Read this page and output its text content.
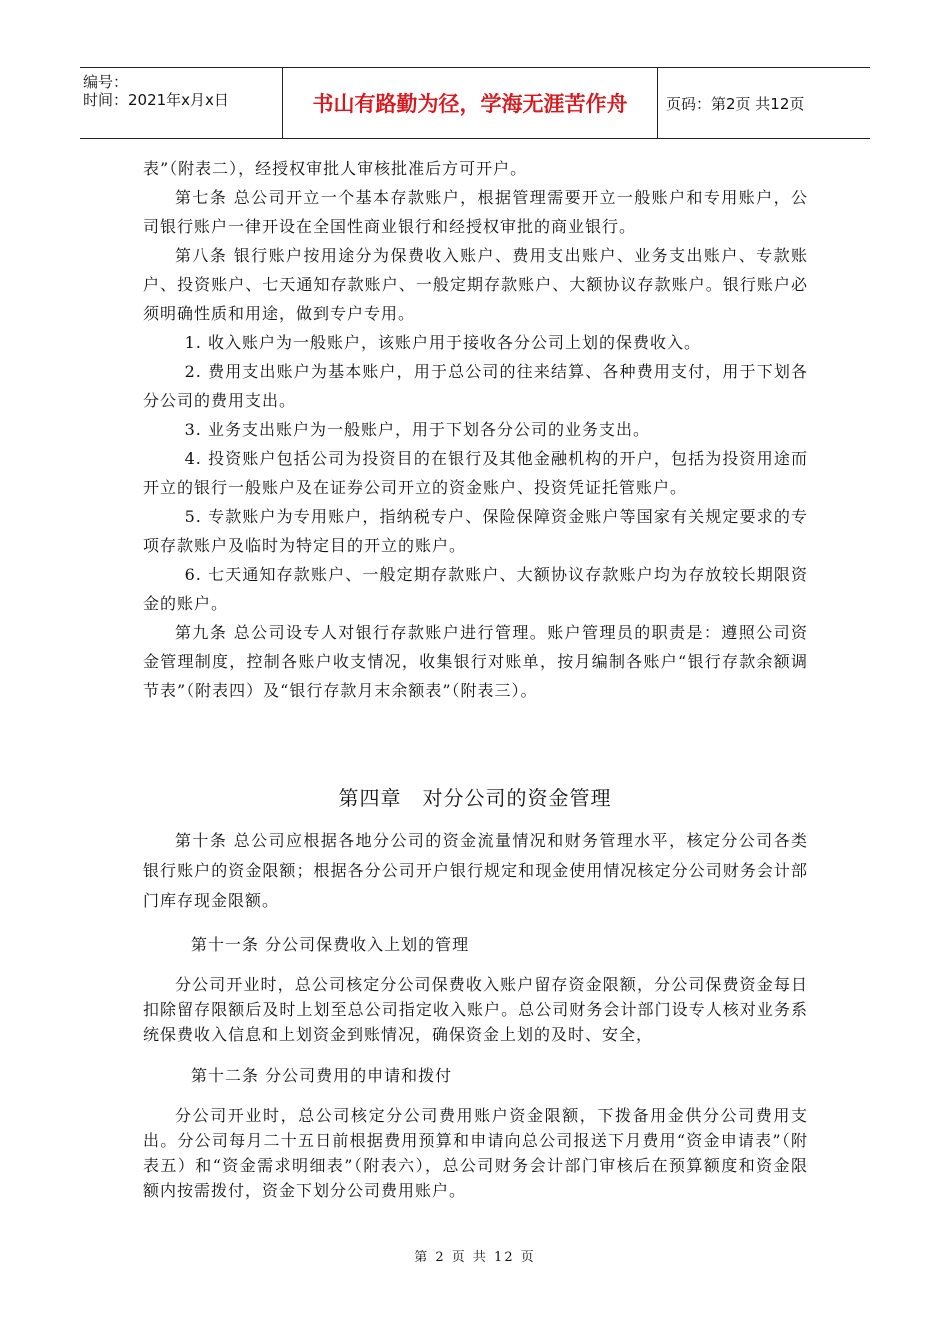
编号：
时间：2021年x月x日	书山有路勤为径，学海无涯苦作舟	页码：第2页 共12页

表”（附表二），经授权审批人审核批准后方可开户。

第七条 总公司开立一个基本存款账户，根据管理需要开立一般账户和专用账户，公司银行账户一律开设在全国性商业银行和经授权审批的商业银行。

第八条 银行账户按用途分为保费收入账户、费用支出账户、业务支出账户、专款账户、投资账户、七天通知存款账户、一般定期存款账户、大额协议存款账户。银行账户必须明确性质和用途，做到专户专用。

1. 收入账户为一般账户，该账户用于接收各分公司上划的保费收入。

2. 费用支出账户为基本账户，用于总公司的往来结算、各种费用支付，用于下划各分公司的费用支出。

3. 业务支出账户为一般账户，用于下划各分公司的业务支出。

4. 投资账户包括公司为投资目的在银行及其他金融机构的开户，包括为投资用途而开立的银行一般账户及在证券公司开立的资金账户、投资凭证托管账户。

5. 专款账户为专用账户，指纳税专户、保险保障资金账户等国家有关规定要求的专项存款账户及临时为特定目的开立的账户。

6. 七天通知存款账户、一般定期存款账户、大额协议存款账户均为存放较长期限资金的账户。

第九条 总公司设专人对银行存款账户进行管理。账户管理员的职责是：遵照公司资金管理制度，控制各账户收支情况，收集银行对账单，按月编制各账户“银行存款余额调节表”（附表四）及“银行存款月末余额表”（附表三）。

第四章　对分公司的资金管理

第十条 总公司应根据各地分公司的资金流量情况和财务管理水平，核定分公司各类银行账户的资金限额；根据各分公司开户银行规定和现金使用情况核定分公司财务会计部门库存现金限额。

第十一条 分公司保费收入上划的管理

分公司开业时，总公司核定分公司保费收入账户留存资金限额，分公司保费资金每日扣除留存限额后及时上划至总公司指定收入账户。总公司财务会计部门设专人核对业务系统保费收入信息和上划资金到账情况，确保资金上划的及时、安全，

第十二条 分公司费用的申请和拨付

分公司开业时，总公司核定分公司费用账户资金限额，下拨备用金供分公司费用支出。分公司每月二十五日前根据费用预算和申请向总公司报送下月费用“资金申请表”（附表五）和“资金需求明细表”（附表六），总公司财务会计部门审核后在预算额度和资金限额内按需拨付，资金下划分公司费用账户。

第 2 页 共 12 页
